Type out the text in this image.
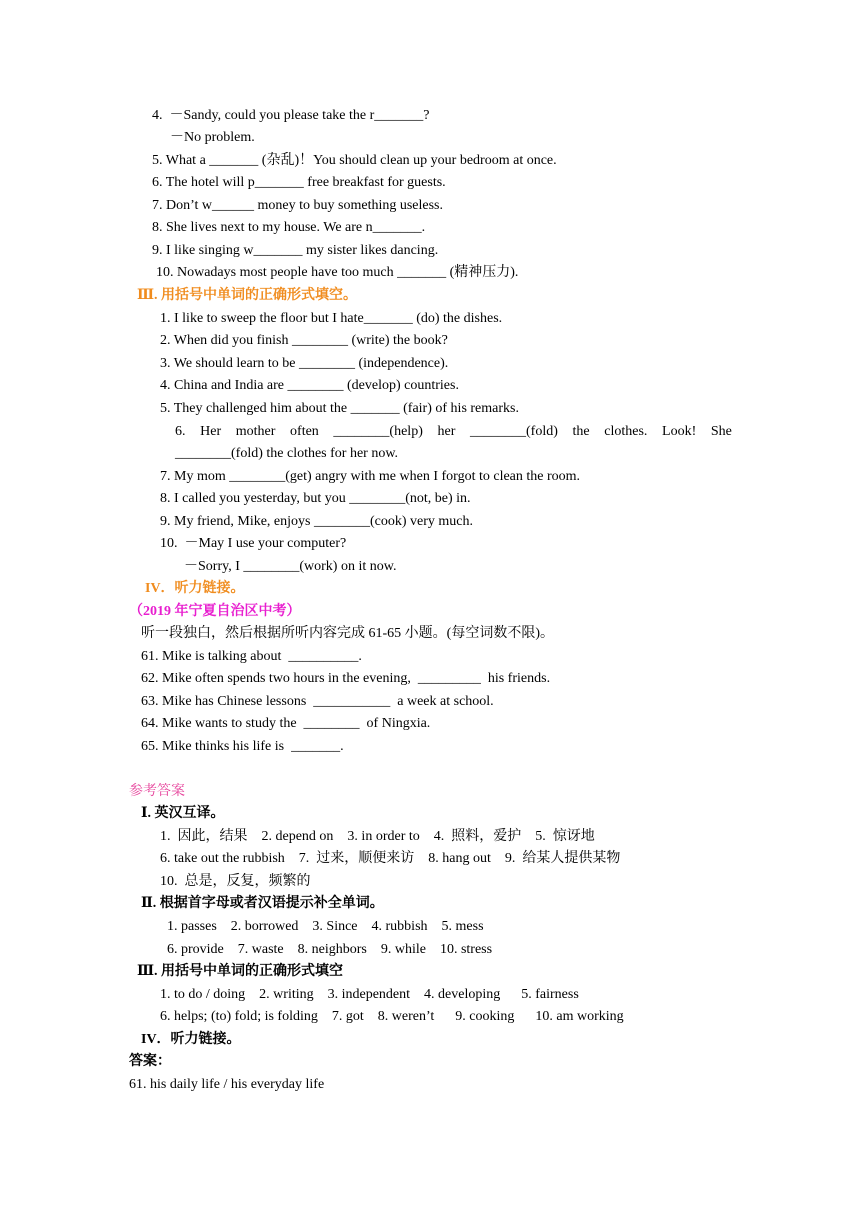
4.  －Sandy, could you please take the r_______?
－No problem.
5. What a _______ (杂乱)！You should clean up your bedroom at once.
6. The hotel will p_______ free breakfast for guests.
7. Don’t w______ money to buy something useless.
8. She lives next to my house. We are n_______.
9. I like singing w_______ my sister likes dancing.
10. Nowadays most people have too much _______ (精神压力).
Ⅲ. 用括号中单词的正确形式填空。
1. I like to sweep the floor but I hate_______ (do) the dishes.
2. When did you finish ________ (write) the book?
3. We should learn to be ________ (independence).
4. China and India are ________ (develop) countries.
5. They challenged him about the _______ (fair) of his remarks.
6. Her mother often ________(help) her ________(fold) the clothes. Look! She
________(fold) the clothes for her now.
7. My mom ________(get) angry with me when I forgot to clean the room.
8. I called you yesterday, but you ________(not, be) in.
9. My friend, Mike, enjoys ________(cook) very much.
10.  －May I use your computer?
－Sorry, I ________(work) on it now.
IV．听力链接。
（2019 年宁夏自治区中考）
听一段独白，然后根据所听内容完成 61-65 小题。(每空词数不限)。
61. Mike is talking about  __________.
62. Mike often spends two hours in the evening,  _________  his friends.
63. Mike has Chinese lessons  ___________  a week at school.
64. Mike wants to study the  ________  of Ningxia.
65. Mike thinks his life is  _______.
参考答案
Ⅰ. 英汉互译。
1.  因此，结果    2. depend on    3. in order to    4.  照料，爱护    5.  惊讶地
6. take out the rubbish    7.  过来，顺便来访    8. hang out    9.  给某人提供某物
10.  总是，反复，频繁的
Ⅱ. 根据首字母或者汉语提示补全单词。
1. passes    2. borrowed    3. Since    4. rubbish    5. mess
6. provide    7. waste    8. neighbors    9. while    10. stress
Ⅲ. 用括号中单词的正确形式填空
1. to do / doing    2. writing    3. independent    4. developing      5. fairness
6. helps; (to) fold; is folding    7. got    8. weren’t      9. cooking      10. am working
IV．听力链接。
答案：
61. his daily life / his everyday life
